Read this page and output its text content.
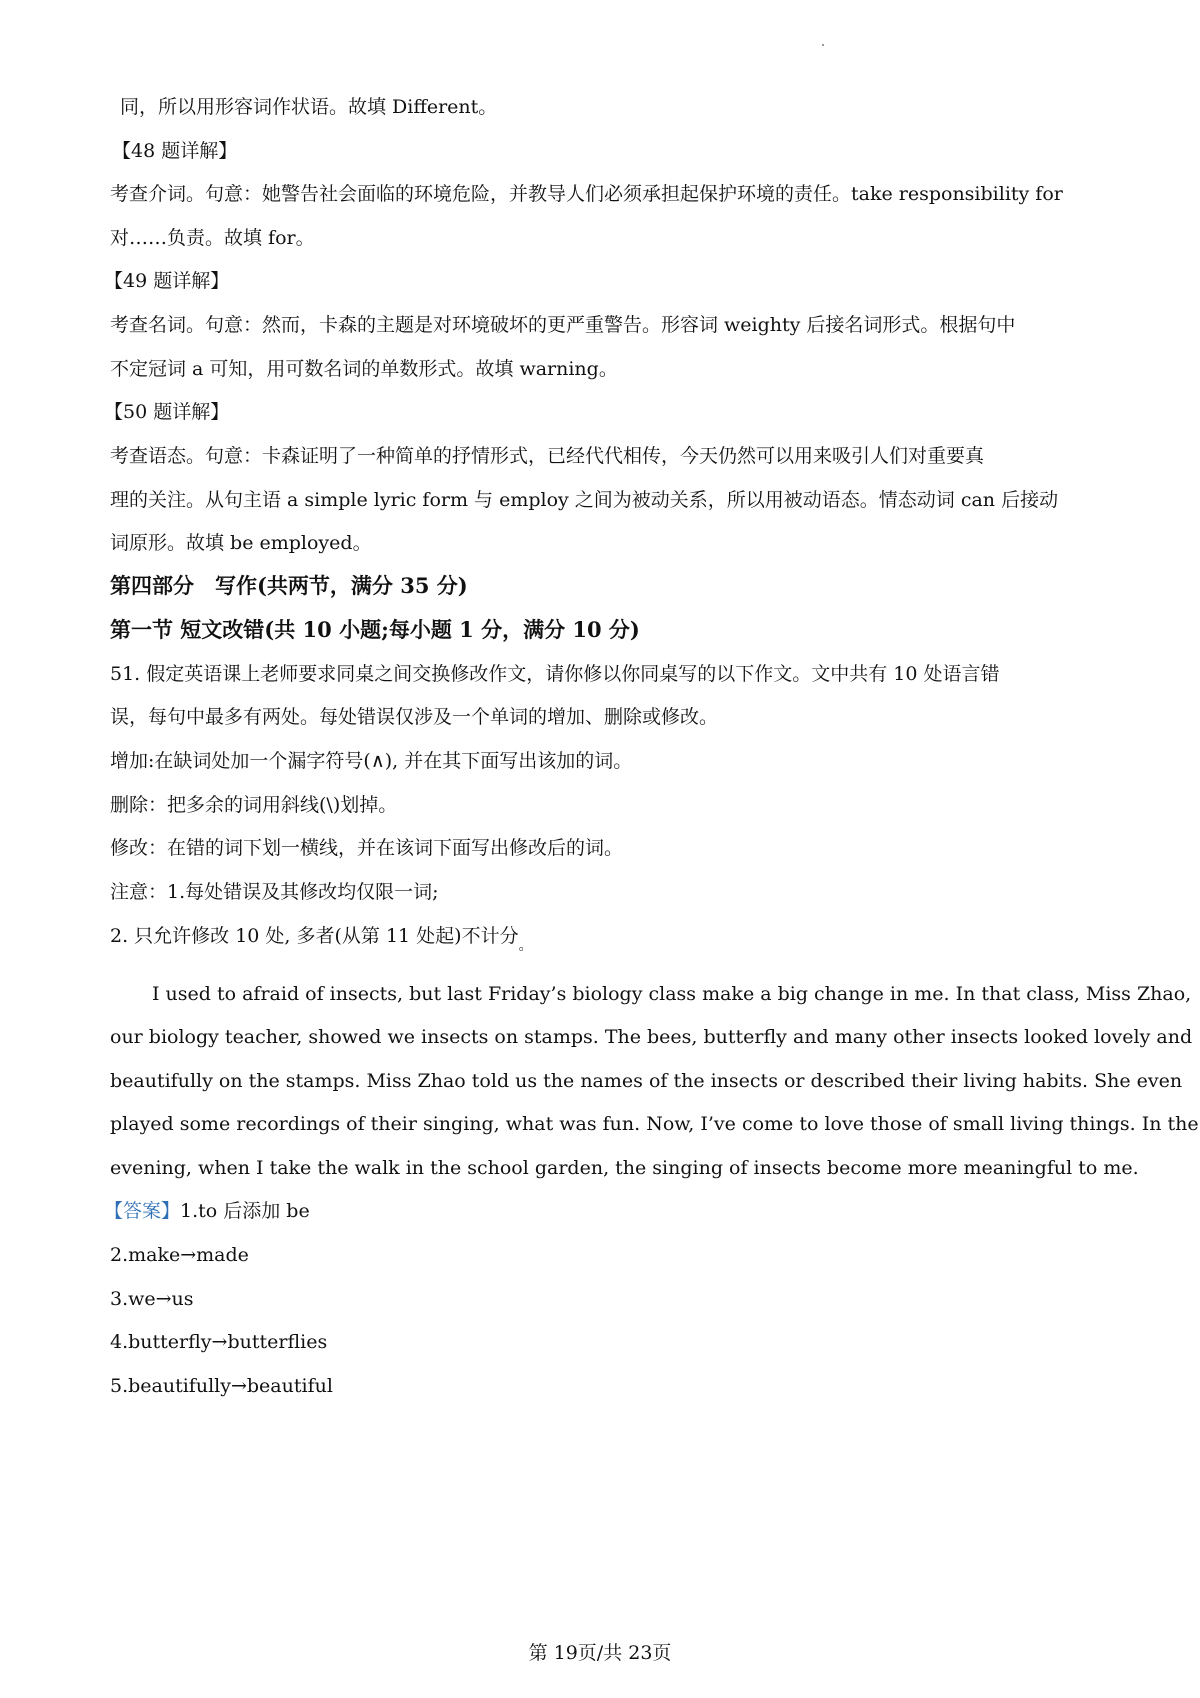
同，所以用形容词作状语。故填 Different。
【48 题详解】
考查介词。句意：她警告社会面临的环境危险，并教导人们必须承担起保护环境的责任。take responsibility for
对……负责。故填 for。
【49 题详解】
考查名词。句意：然而，卡森的主题是对环境破坏的更严重警告。形容词 weighty 后接名词形式。根据句中
不定冠词 a 可知，用可数名词的单数形式。故填 warning。
【50 题详解】
考查语态。句意：卡森证明了一种简单的抒情形式，已经代代相传，今天仍然可以用来吸引人们对重要真
理的关注。从句主语 a simple lyric form 与 employ 之间为被动关系，所以用被动语态。情态动词 can 后接动
词原形。故填 be employed。
第四部分　写作(共两节，满分 35 分)
第一节 短文改错(共 10 小题;每小题 1 分，满分 10 分)
51. 假定英语课上老师要求同桌之间交换修改作文，请你修以你同桌写的以下作文。文中共有 10 处语言错
误，每句中最多有两处。每处错误仅涉及一个单词的增加、删除或修改。
增加:在缺词处加一个漏字符号(∧), 并在其下面写出该加的词。
删除：把多余的词用斜线(\)划掉。
修改：在错的词下划一横线，并在该词下面写出修改后的词。
注意：1.每处错误及其修改均仅限一词;
2. 只允许修改 10 处, 多者(从第 11 处起)不计分$_。$
I used to afraid of insects, but last Friday’s biology class make a big change in me. In that class, Miss Zhao,
our biology teacher, showed we insects on stamps. The bees, butterfly and many other insects looked lovely and
beautifully on the stamps. Miss Zhao told us the names of the insects or described their living habits. She even
played some recordings of their singing, what was fun. Now, I’ve come to love those of small living things. In the
evening, when I take the walk in the school garden, the singing of insects become more meaningful to me.
【答案】1.to 后添加 be
2.make→made
3.we→us
4.butterfly→butterflies
5.beautifully→beautiful
第 19页/共 23页
